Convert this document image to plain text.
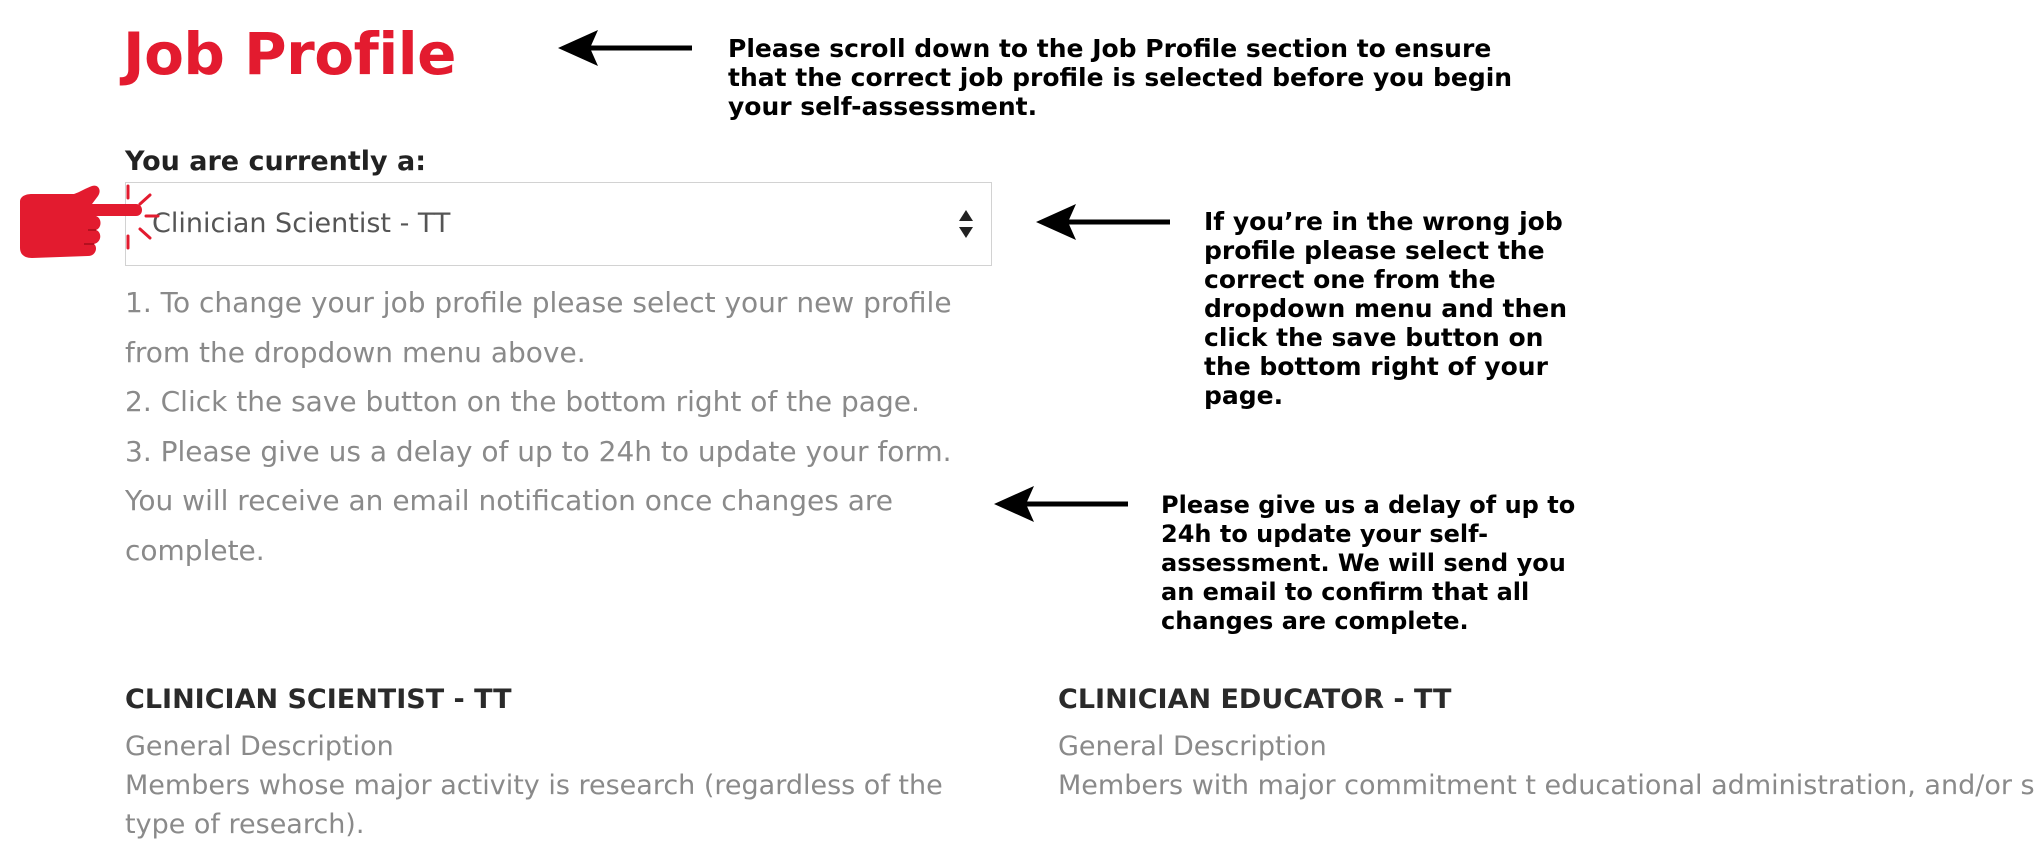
Job Profile	Please scroll down to the Job Profile section to ensure that the correct job profile is selected before you begin your self-assessment.

You are currently a:
Clinician Scientist - TT	If you’re in the wrong job profile please select the correct one from the dropdown menu and then click the save button on the bottom right of your page.

1. To change your job profile please select your new profile from the dropdown menu above.
2. Click the save button on the bottom right of the page.
3. Please give us a delay of up to 24h to update your form. You will receive an email notification once changes are complete.

Please give us a delay of up to 24h to update your self-assessment. We will send you an email to confirm that all changes are complete.

CLINICIAN SCIENTIST - TT

General Description

Members whose major activity is research (regardless of the type of research).

CLINICIAN EDUCATOR - TT

General Description

Members with major commitment t educational administration, and/or s
